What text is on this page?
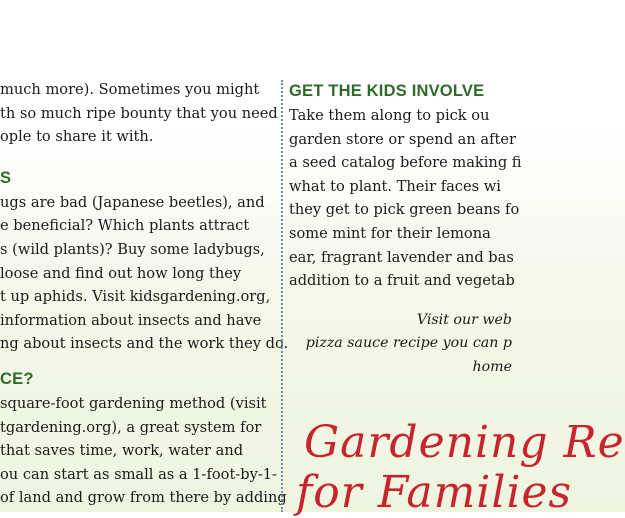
much more). Sometimes you might
th so much ripe bounty that you need
ople to share it with.

S

ugs are bad (Japanese beetles), and
e beneficial? Which plants attract
s (wild plants)? Buy some ladybugs,
loose and find out how long they
t up aphids. Visit kidsgardening.org,
information about insects and have
ng about insects and the work they do.

CE?

square-foot gardening method (visit
tgardening.org), a great system for
that saves time, work, water and
ou can start as small as a 1-foot-by-1-
of land and grow from there by adding

GET THE KIDS INVOLVE

Take them along to pick ou
garden store or spend an after
a seed catalog before making fi
what to plant. Their faces wi
they get to pick green beans fo
some mint for their lemona
ear, fragrant lavender and bas
addition to a fruit and vegetab

Visit our web
pizza sauce recipe you can p
home
Gardening Re
for Families
